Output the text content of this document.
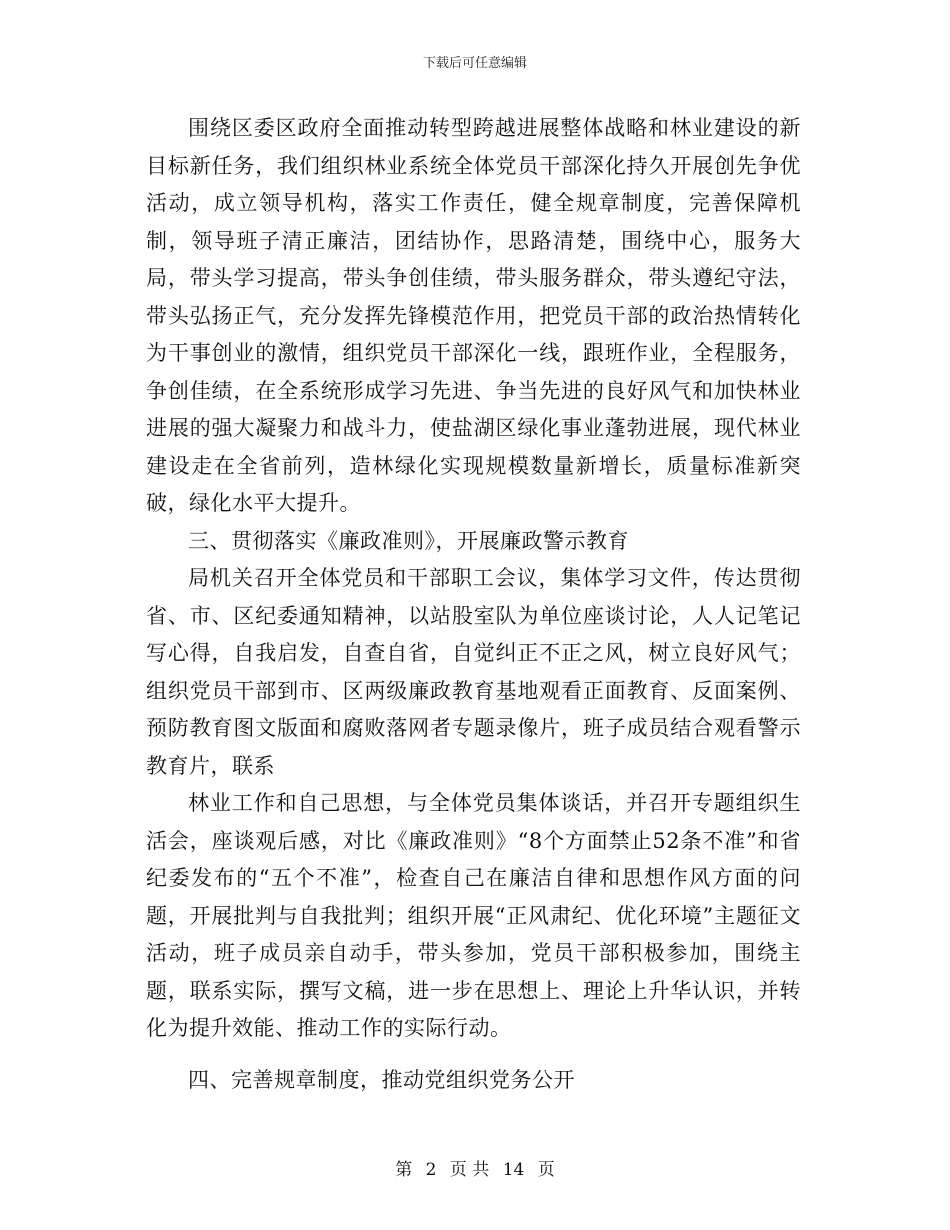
下载后可任意编辑

围绕区委区政府全面推动转型跨越进展整体战略和林业建设的新目标新任务，我们组织林业系统全体党员干部深化持久开展创先争优活动，成立领导机构，落实工作责任，健全规章制度，完善保障机制，领导班子清正廉洁，团结协作，思路清楚，围绕中心，服务大局，带头学习提高，带头争创佳绩，带头服务群众，带头遵纪守法，带头弘扬正气，充分发挥先锋模范作用，把党员干部的政治热情转化为干事创业的激情，组织党员干部深化一线，跟班作业，全程服务，争创佳绩，在全系统形成学习先进、争当先进的良好风气和加快林业进展的强大凝聚力和战斗力，使盐湖区绿化事业蓬勃进展，现代林业建设走在全省前列，造林绿化实现规模数量新增长，质量标准新突破，绿化水平大提升。

三、贯彻落实《廉政准则》，开展廉政警示教育

局机关召开全体党员和干部职工会议，集体学习文件，传达贯彻省、市、区纪委通知精神，以站股室队为单位座谈讨论，人人记笔记写心得，自我启发，自查自省，自觉纠正不正之风，树立良好风气；组织党员干部到市、区两级廉政教育基地观看正面教育、反面案例、预防教育图文版面和腐败落网者专题录像片，班子成员结合观看警示教育片，联系

林业工作和自己思想，与全体党员集体谈话，并召开专题组织生活会，座谈观后感，对比《廉政准则》“8个方面禁止52条不准”和省纪委发布的“五个不准”，检查自己在廉洁自律和思想作风方面的问题，开展批判与自我批判；组织开展“正风肃纪、优化环境”主题征文活动，班子成员亲自动手，带头参加，党员干部积极参加，围绕主题，联系实际，撰写文稿，进一步在思想上、理论上升华认识，并转化为提升效能、推动工作的实际行动。

四、完善规章制度，推动党组织党务公开

第 2 页 共 14 页
